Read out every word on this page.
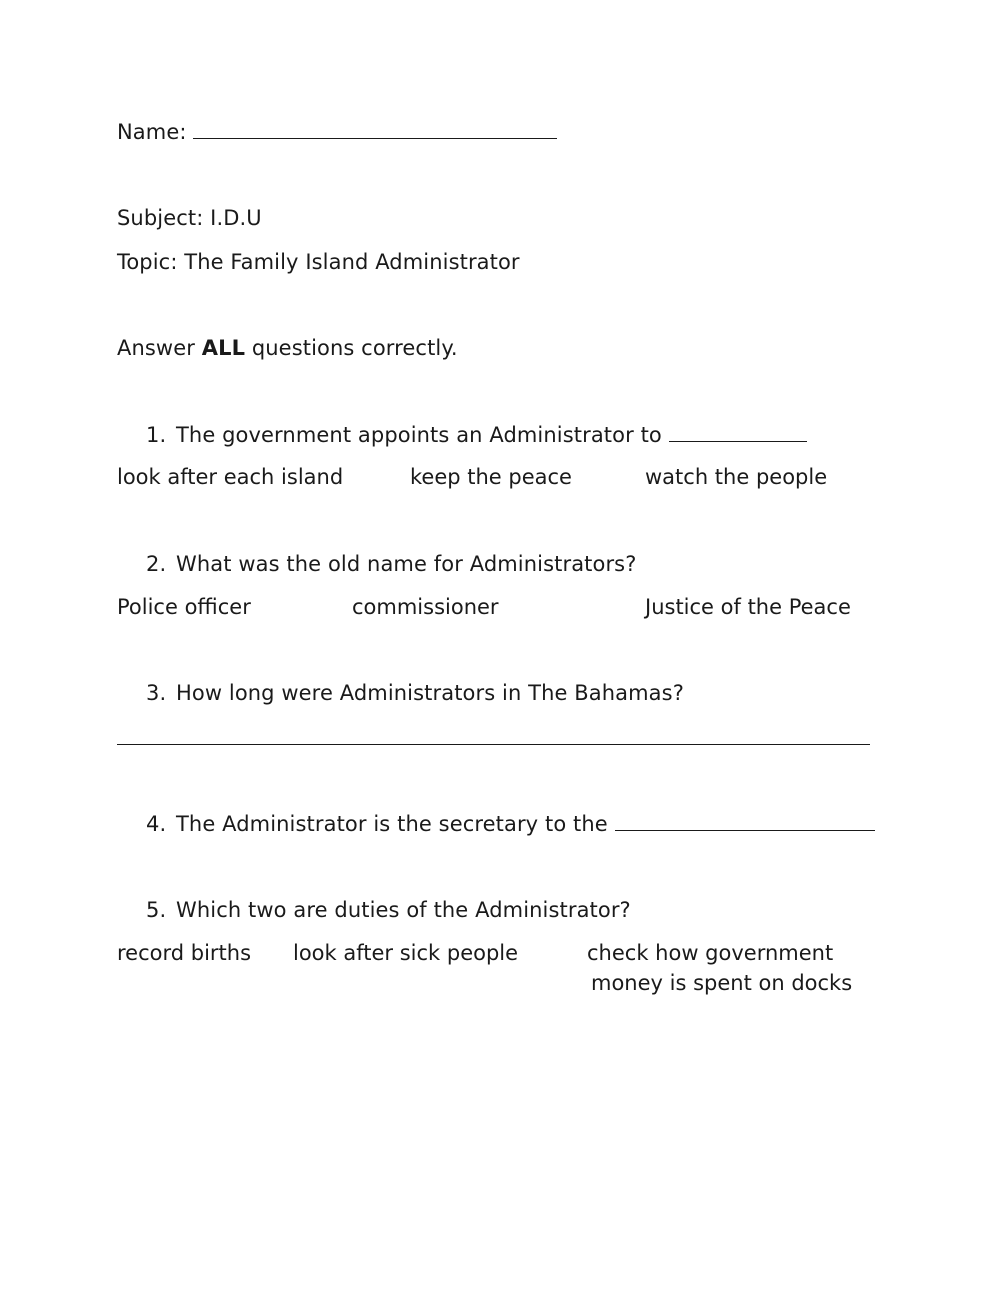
Name:
Subject: I.D.U
Topic: The Family Island Administrator
Answer ALL questions correctly.
1. The government appoints an Administrator to
look after each island	keep the peace	watch the people
2. What was the old name for Administrators?
Police officer	commissioner	Justice of the Peace
3. How long were Administrators in The Bahamas?
4. The Administrator is the secretary to the
5. Which two are duties of the Administrator?
record births look after sick people	check how government
money is spent on docks
